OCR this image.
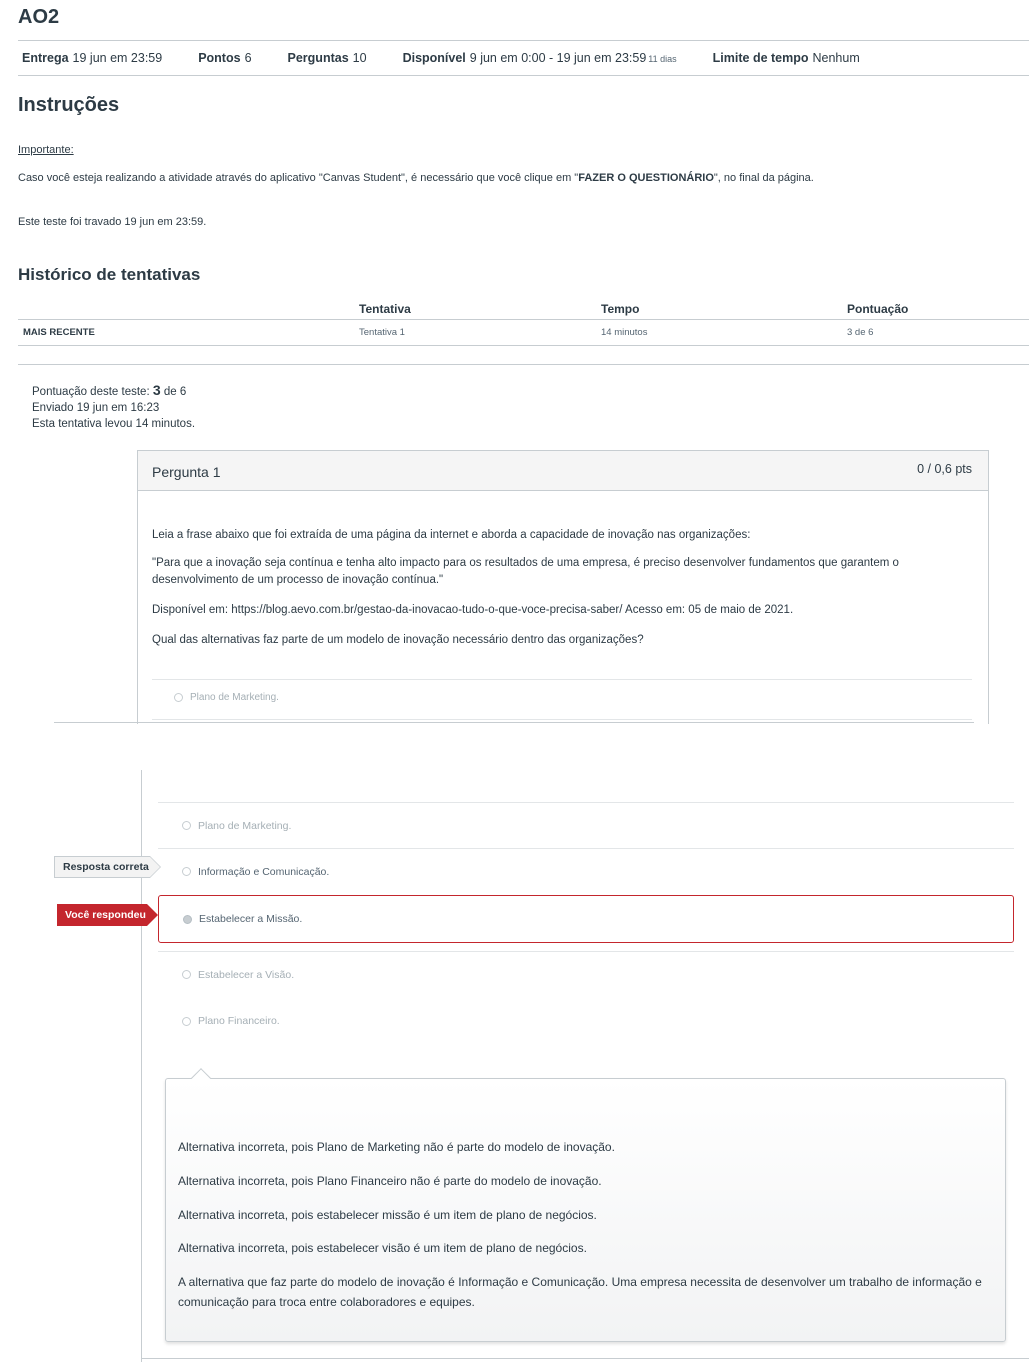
AO2
Entrega 19 jun em 23:59	Pontos 6	Perguntas 10	Disponível 9 jun em 0:00 - 19 jun em 23:59 11 dias	Limite de tempo Nenhum
Instruções
Importante:
Caso você esteja realizando a atividade através do aplicativo "Canvas Student", é necessário que você clique em "FAZER O QUESTIONÁRIO", no final da página.
Este teste foi travado 19 jun em 23:59.
Histórico de tentativas
Tentativa	Tempo	Pontuação
MAIS RECENTE	Tentativa 1	14 minutos	3 de 6
Pontuação deste teste: 3 de 6
Enviado 19 jun em 16:23
Esta tentativa levou 14 minutos.
Pergunta 1	0 / 0,6 pts
Leia a frase abaixo que foi extraída de uma página da internet e aborda a capacidade de inovação nas organizações:
"Para que a inovação seja contínua e tenha alto impacto para os resultados de uma empresa, é preciso desenvolver fundamentos que garantem o desenvolvimento de um processo de inovação contínua."
Disponível em: https://blog.aevo.com.br/gestao-da-inovacao-tudo-o-que-voce-precisa-saber/ Acesso em: 05 de maio de 2021.
Qual das alternativas faz parte de um modelo de inovação necessário dentro das organizações?
Plano de Marketing.
Plano de Marketing.
Informação e Comunicação.
Estabelecer a Missão.
Estabelecer a Visão.
Plano Financeiro.
Resposta correta
Você respondeu
Alternativa incorreta, pois Plano de Marketing não é parte do modelo de inovação.
Alternativa incorreta, pois Plano Financeiro não é parte do modelo de inovação.
Alternativa incorreta, pois estabelecer missão é um item de plano de negócios.
Alternativa incorreta, pois estabelecer visão é um item de plano de negócios.
A alternativa que faz parte do modelo de inovação é Informação e Comunicação. Uma empresa necessita de desenvolver um trabalho de informação e comunicação para troca entre colaboradores e equipes.
